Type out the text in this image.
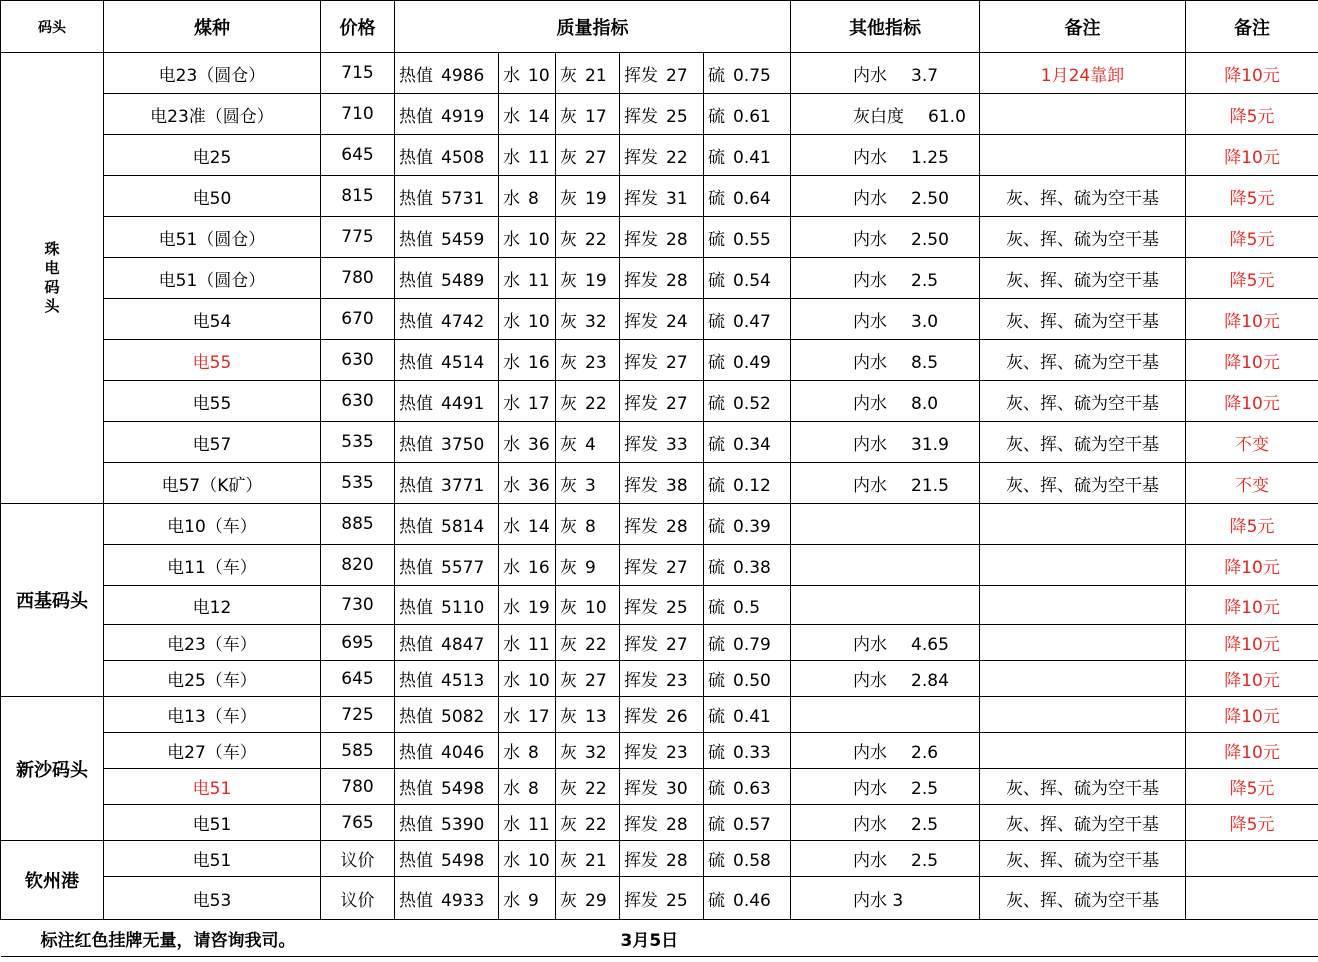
码头	煤种	价格	质量指标					其他指标	备注	备注
珠电码头	电23（圆仓）	715	热值 4986	水 10	灰 21	挥发 27	硫 0.75	内水 3.7	1月24靠卸	降10元
	电23准（圆仓）	710	热值 4919	水 14	灰 17	挥发 25	硫 0.61	灰白度 61.0		降5元
	电25	645	热值 4508	水 11	灰 27	挥发 22	硫 0.41	内水 1.25		降10元
	电50	815	热值 5731	水 8	灰 19	挥发 31	硫 0.64	内水 2.50	灰、挥、硫为空干基	降5元
	电51（圆仓）	775	热值 5459	水 10	灰 22	挥发 28	硫 0.55	内水 2.50	灰、挥、硫为空干基	降5元
	电51（圆仓）	780	热值 5489	水 11	灰 19	挥发 28	硫 0.54	内水 2.5	灰、挥、硫为空干基	降5元
	电54	670	热值 4742	水 10	灰 32	挥发 24	硫 0.47	内水 3.0	灰、挥、硫为空干基	降10元
	电55	630	热值 4514	水 16	灰 23	挥发 27	硫 0.49	内水 8.5	灰、挥、硫为空干基	降10元
	电55	630	热值 4491	水 17	灰 22	挥发 27	硫 0.52	内水 8.0	灰、挥、硫为空干基	降10元
	电57	535	热值 3750	水 36	灰 4	挥发 33	硫 0.34	内水 31.9	灰、挥、硫为空干基	不变
	电57（K矿）	535	热值 3771	水 36	灰 3	挥发 38	硫 0.12	内水 21.5	灰、挥、硫为空干基	不变
西基码头	电10（车）	885	热值 5814	水 14	灰 8	挥发 28	硫 0.39			降5元
	电11（车）	820	热值 5577	水 16	灰 9	挥发 27	硫 0.38			降10元
	电12	730	热值 5110	水 19	灰 10	挥发 25	硫 0.5			降10元
	电23（车）	695	热值 4847	水 11	灰 22	挥发 27	硫 0.79	内水 4.65		降10元
	电25（车）	645	热值 4513	水 10	灰 27	挥发 23	硫 0.50	内水 2.84		降10元
新沙码头	电13（车）	725	热值 5082	水 17	灰 13	挥发 26	硫 0.41			降10元
	电27（车）	585	热值 4046	水 8	灰 32	挥发 23	硫 0.33	内水 2.6		降10元
	电51	780	热值 5498	水 8	灰 22	挥发 30	硫 0.63	内水 2.5	灰、挥、硫为空干基	降5元
	电51	765	热值 5390	水 11	灰 22	挥发 28	硫 0.57	内水 2.5	灰、挥、硫为空干基	降5元
钦州港	电51	议价	热值 5498	水 10	灰 21	挥发 28	硫 0.58	内水 2.5	灰、挥、硫为空干基	
	电53	议价	热值 4933	水 9	灰 29	挥发 25	硫 0.46	内水 3	灰、挥、硫为空干基	

标注红色挂牌无量，请咨询我司。 3月5日										
